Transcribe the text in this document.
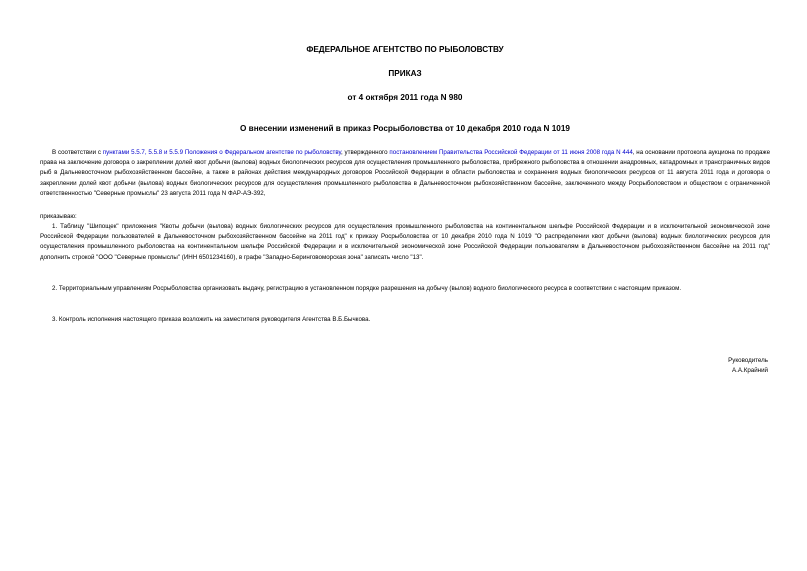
ФЕДЕРАЛЬНОЕ АГЕНТСТВО ПО РЫБОЛОВСТВУ

ПРИКАЗ

от 4 октября 2011 года N 980

О внесении изменений в приказ Росрыболовства от 10 декабря 2010 года N 1019

В соответствии с пунктами 5.5.7, 5.5.8 и 5.5.9 Положения о Федеральном агентстве по рыболовству, утвержденного постановлением Правительства Российской Федерации от 11 июня 2008 года N 444, на основании протокола аукциона по продаже права на заключение договора о закреплении долей квот добычи (вылова) водных биологических ресурсов для осуществления промышленного рыболовства, прибрежного рыболовства в отношении анадромных, катадромных и трансграничных видов рыб в Дальневосточном рыбохозяйственном бассейне, а также в районах действия международных договоров Российской Федерации в области рыболовства и сохранения водных биологических ресурсов от 11 августа 2011 года и договора о закреплении долей квот добычи (вылова) водных биологических ресурсов для осуществления промышленного рыболовства в Дальневосточном рыбохозяйственном бассейне, заключенного между Росрыболовством и обществом с ограниченной ответственностью "Северные промыслы" 23 августа 2011 года N ФАР-АЭ-392,

приказываю:

1. Таблицу "Шипощек" приложения "Квоты добычи (вылова) водных биологических ресурсов для осуществления промышленного рыболовства на континентальном шельфе Российской Федерации и в исключительной экономической зоне Российской Федерации пользователей в Дальневосточном рыбохозяйственном бассейне на 2011 год" к приказу Росрыболовства от 10 декабря 2010 года N 1019 "О распределении квот добычи (вылова) водных биологических ресурсов для осуществления промышленного рыболовства на континентальном шельфе Российской Федерации и в исключительной экономической зоне Российской Федерации пользователям в Дальневосточном рыбохозяйственном бассейне на 2011 год" дополнить строкой "ООО "Северные промыслы" (ИНН 6501234160), в графе "Западно-Беринговоморская зона" записать число "13".

2. Территориальным управлениям Росрыболовства организовать выдачу, регистрацию в установленном порядке разрешения на добычу (вылов) водного биологического ресурса в соответствии с настоящим приказом.

3. Контроль исполнения настоящего приказа возложить на заместителя руководителя Агентства В.Б.Бычкова.

Руководитель

А.А.Крайний
